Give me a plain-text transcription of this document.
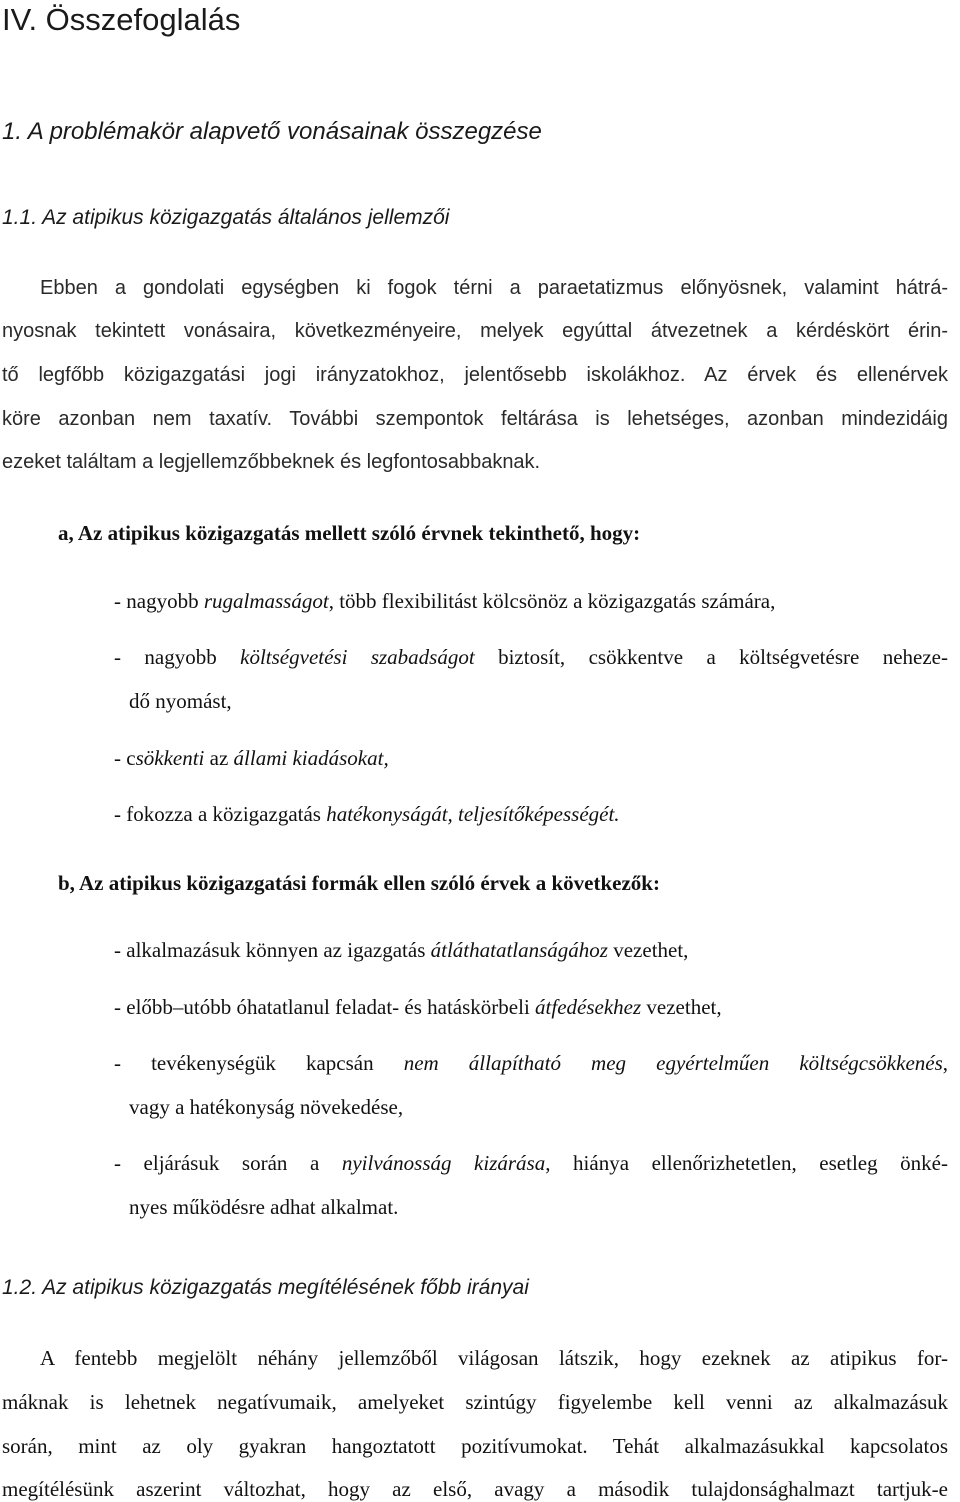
IV. Összefoglalás
1. A problémakör alapvető vonásainak összegzése
1.1. Az atipikus közigazgatás általános jellemzői
Ebben a gondolati egységben ki fogok térni a paraetatizmus előnyösnek, valamint hátrá-
nyosnak tekintett vonásaira, következményeire, melyek egyúttal átvezetnek a kérdéskört érin-
tő legfőbb közigazgatási jogi irányzatokhoz, jelentősebb iskolákhoz. Az érvek és ellenérvek
köre azonban nem taxatív. További szempontok feltárása is lehetséges, azonban mindezidáig
ezeket találtam a legjellemzőbbeknek és legfontosabbaknak.
a, Az atipikus közigazgatás mellett szóló érvnek tekinthető, hogy:
- nagyobb rugalmasságot, több flexibilitást kölcsönöz a közigazgatás számára,
- nagyobb költségvetési szabadságot biztosít, csökkentve a költségvetésre neheze-
dő nyomást,
- csökkenti az állami kiadásokat,
- fokozza a közigazgatás hatékonyságát, teljesítőképességét.
b, Az atipikus közigazgatási formák ellen szóló érvek a következők:
- alkalmazásuk könnyen az igazgatás átláthatatlanságához vezethet,
- előbb–utóbb óhatatlanul feladat- és hatáskörbeli átfedésekhez vezethet,
- tevékenységük kapcsán nem állapítható meg egyértelműen költségcsökkenés,
vagy a hatékonyság növekedése,
- eljárásuk során a nyilvánosság kizárása, hiánya ellenőrizhetetlen, esetleg önké-
nyes működésre adhat alkalmat.
1.2. Az atipikus közigazgatás megítélésének főbb irányai
A fentebb megjelölt néhány jellemzőből világosan látszik, hogy ezeknek az atipikus for-
máknak is lehetnek negatívumaik, amelyeket szintúgy figyelembe kell venni az alkalmazásuk
során, mint az oly gyakran hangoztatott pozitívumokat. Tehát alkalmazásukkal kapcsolatos
megítélésünk aszerint változhat, hogy az első, avagy a második tulajdonsághalmazt tartjuk-e
